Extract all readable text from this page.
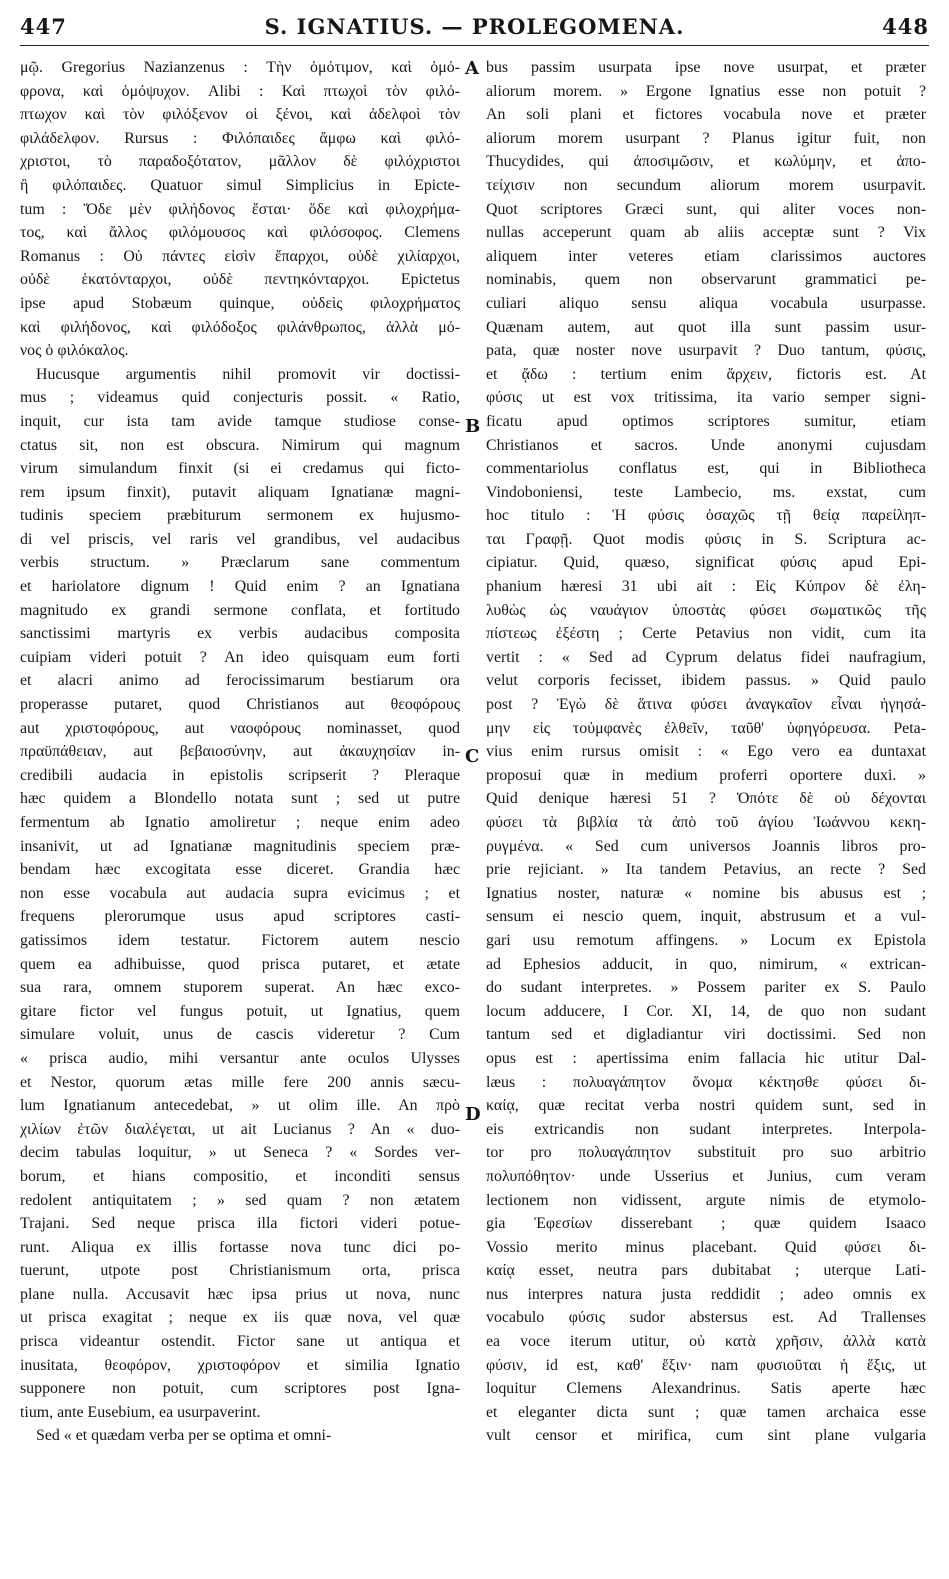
447	S. IGNATIUS. — PROLEGOMENA.	448

μῷ. Gregorius Nazianzenus : Τὴν ὁμότιμον, καὶ ὁμό-

φρονα, καὶ ὁμόψυχον. Alibi : Καὶ πτωχοὶ τὸν φιλό-

πτωχον καὶ τὸν φιλόξενον οἱ ξένοι, καὶ ἀδελφοὶ τὸν

φιλάδελφον. Rursus : Φιλόπαιδες ἄμφω καὶ φιλό-

χριστοι, τὸ παραδοξότατον, μᾶλλον δὲ φιλόχριστοι

ἢ φιλόπαιδες. Quatuor simul Simplicius in Epicte-

tum : Ὅδε μὲν φιλήδονος ἔσται· ὅδε καὶ φιλοχρήμα-

τος, καὶ ἄλλος φιλόμουσος καὶ φιλόσοφος. Clemens

Romanus : Οὐ πάντες εἰσὶν ἔπαρχοι, οὐδὲ χιλίαρχοι,

οὐδὲ ἑκατόνταρχοι, οὐδὲ πεντηκόνταρχοι. Epictetus

ipse apud Stobæum quinque, οὐδεὶς φιλοχρήματος

καὶ φιλήδονος, καὶ φιλόδοξος φιλάνθρωπος, ἀλλὰ μό-

νος ὁ φιλόκαλος.

Hucusque argumentis nihil promovit vir doctissi-

mus ; videamus quid conjecturis possit. « Ratio,

inquit, cur ista tam avide tamque studiose conse-

ctatus sit, non est obscura. Nimirum qui magnum

virum simulandum finxit (si ei credamus qui ficto-

rem ipsum finxit), putavit aliquam Ignatianæ magni-

tudinis speciem præbiturum sermonem ex hujusmo-

di vel priscis, vel raris vel grandibus, vel audacibus

verbis structum. » Præclarum sane commentum

et hariolatore dignum ! Quid enim ? an Ignatiana

magnitudo ex grandi sermone conflata, et fortitudo

sanctissimi martyris ex verbis audacibus composita

cuipiam videri potuit ? An ideo quisquam eum forti

et alacri animo ad ferocissimarum bestiarum ora

properasse putaret, quod Christianos aut θεοφόρους

aut χριστοφόρους, aut ναοφόρους nominasset, quod

πραϋπάθειαν, aut βεβαιοσύνην, aut ἀκαυχησίαν in-

credibili audacia in epistolis scripserit ? Pleraque

hæc quidem a Blondello notata sunt ; sed ut putre

fermentum ab Ignatio amoliretur ; neque enim adeo

insanivit, ut ad Ignatianæ magnitudinis speciem præ-

bendam hæc excogitata esse diceret. Grandia hæc

non esse vocabula aut audacia supra evicimus ; et

frequens plerorumque usus apud scriptores casti-

gatissimos idem testatur. Fictorem autem nescio

quem ea adhibuisse, quod prisca putaret, et ætate

sua rara, omnem stuporem superat. An hæc exco-

gitare fictor vel fungus potuit, ut Ignatius, quem

simulare voluit, unus de cascis videretur ? Cum

« prisca audio, mihi versantur ante oculos Ulysses

et Nestor, quorum ætas mille fere 200 annis sæcu-

lum Ignatianum antecedebat, » ut olim ille. An πρὸ

χιλίων ἐτῶν διαλέγεται, ut ait Lucianus ? An « duo-

decim tabulas loquitur, » ut Seneca ? « Sordes ver-

borum, et hians compositio, et inconditi sensus

redolent antiquitatem ; » sed quam ? non ætatem

Trajani. Sed neque prisca illa fictori videri potue-

runt. Aliqua ex illis fortasse nova tunc dici po-

tuerunt, utpote post Christianismum orta, prisca

plane nulla. Accusavit hæc ipsa prius ut nova, nunc

ut prisca exagitat ; neque ex iis quæ nova, vel quæ

prisca videantur ostendit. Fictor sane ut antiqua et

inusitata, θεοφόρον, χριστοφόρον et similia Ignatio

supponere non potuit, cum scriptores post Igna-

tium, ante Eusebium, ea usurpaverint.

Sed « et quædam verba per se optima et omni-

bus passim usurpata ipse nove usurpat, et præter

aliorum morem. » Ergone Ignatius esse non potuit ?

An soli plani et fictores vocabula nove et præter

aliorum morem usurpant ? Planus igitur fuit, non

Thucydides, qui ἀποσιμῶσιν, et κωλύμην, et ἀπο-

τείχισιν non secundum aliorum morem usurpavit.

Quot scriptores Græci sunt, qui aliter voces non-

nullas acceperunt quam ab aliis acceptæ sunt ? Vix

aliquem inter veteres etiam clarissimos auctores

nominabis, quem non observarunt grammatici pe-

culiari aliquo sensu aliqua vocabula usurpasse.

Quænam autem, aut quot illa sunt passim usur-

pata, quæ noster nove usurpavit ? Duo tantum, φύσις,

et ᾄδω : tertium enim ἄρχειν, fictoris est. At

φύσις ut est vox tritissima, ita vario semper signi-

ficatu apud optimos scriptores sumitur, etiam

Christianos et sacros. Unde anonymi cujusdam

commentariolus conflatus est, qui in Bibliotheca

Vindoboniensi, teste Lambecio, ms. exstat, cum

hoc titulo : Ἡ φύσις ὁσαχῶς τῇ θείᾳ παρείληπ-

ται Γραφῇ. Quot modis φύσις in S. Scriptura ac-

cipiatur. Quid, quæso, significat φύσις apud Epi-

phanium hæresi 31 ubi ait : Εἰς Κύπρον δὲ ἐλη-

λυθὼς ὡς ναυάγιον ὑποστὰς φύσει σωματικῶς τῆς

πίστεως ἐξέστη ; Certe Petavius non vidit, cum ita

vertit : « Sed ad Cyprum delatus fidei naufragium,

velut corporis fecisset, ibidem passus. » Quid paulo

post ? Ἐγὼ δὲ ἅτινα φύσει ἀναγκαῖον εἶναι ἡγησά-

μην εἰς τοὐμφανὲς ἐλθεῖν, ταῦθ' ὑφηγόρευσα. Peta-

vius enim rursus omisit : « Ego vero ea duntaxat

proposui quæ in medium proferri oportere duxi. »

Quid denique hæresi 51 ? Ὁπότε δὲ οὐ δέχονται

φύσει τὰ βιβλία τὰ ἀπὸ τοῦ ἁγίου Ἰωάννου κεκη-

ρυγμένα. « Sed cum universos Joannis libros pro-

prie rejiciant. » Ita tandem Petavius, an recte ? Sed

Ignatius noster, naturæ « nomine bis abusus est ;

sensum ei nescio quem, inquit, abstrusum et a vul-

gari usu remotum affingens. » Locum ex Epistola

ad Ephesios adducit, in quo, nimirum, « extrican-

do sudant interpretes. » Possem pariter ex S. Paulo

locum adducere, I Cor. XI, 14, de quo non sudant

tantum sed et digladiantur viri doctissimi. Sed non

opus est : apertissima enim fallacia hic utitur Dal-

læus : πολυαγάπητον ὄνομα κέκτησθε φύσει δι-

καίᾳ, quæ recitat verba nostri quidem sunt, sed in

eis extricandis non sudant interpretes. Interpola-

tor pro πολυαγάπητον substituit pro suo arbitrio

πολυπόθητον· unde Usserius et Junius, cum veram

lectionem non vidissent, argute nimis de etymolo-

gia Ἐφεσίων disserebant ; quæ quidem Isaaco

Vossio merito minus placebant. Quid φύσει δι-

καίᾳ esset, neutra pars dubitabat ; uterque Lati-

nus interpres natura justa reddidit ; adeo omnis ex

vocabulo φύσις sudor abstersus est. Ad Trallenses

ea voce iterum utitur, οὐ κατὰ χρῆσιν, ἀλλὰ κατὰ

φύσιν, id est, καθ' ἕξιν· nam φυσιοῦται ἡ ἕξις, ut

loquitur Clemens Alexandrinus. Satis aperte hæc

et eleganter dicta sunt ; quæ tamen archaica esse

vult censor et mirifica, cum sint plane vulgaria

A
B
C
D
